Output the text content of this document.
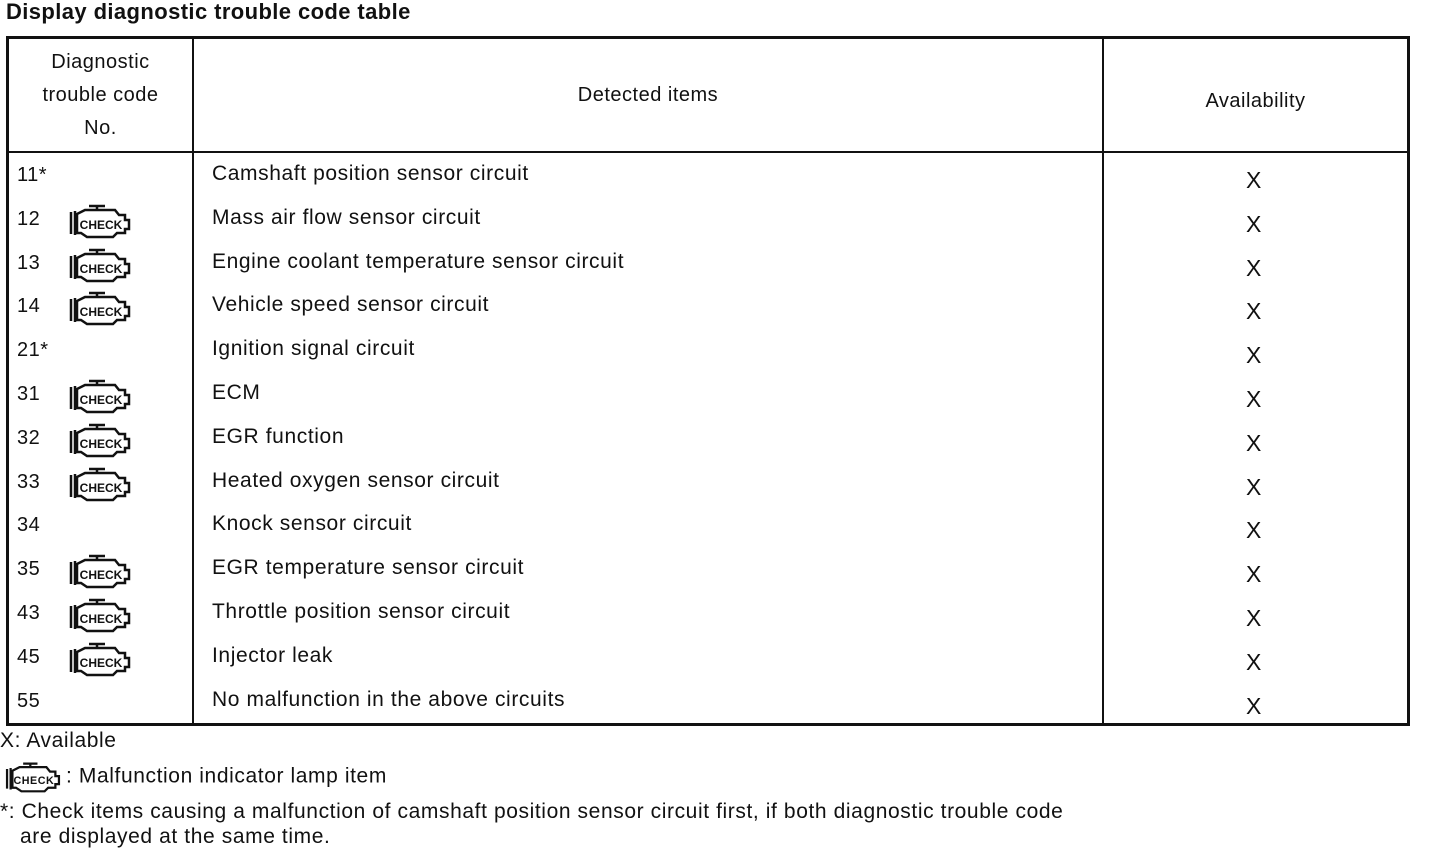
Display diagnostic trouble code table
Diagnostic
trouble code
No.
Detected items	Availability
11*	Camshaft position sensor circuit	X
12	Mass air flow sensor circuit	X
13	Engine coolant temperature sensor circuit	X
14	Vehicle speed sensor circuit	X
21*	Ignition signal circuit	X
31	ECM	X
32	EGR function	X
33	Heated oxygen sensor circuit	X
34	Knock sensor circuit	X
35	EGR temperature sensor circuit	X
43	Throttle position sensor circuit	X
45	Injector leak	X
55	No malfunction in the above circuits	X
X: Available
: Malfunction indicator lamp item
*: Check items causing a malfunction of camshaft position sensor circuit first, if both diagnostic trouble code
are displayed at the same time.
